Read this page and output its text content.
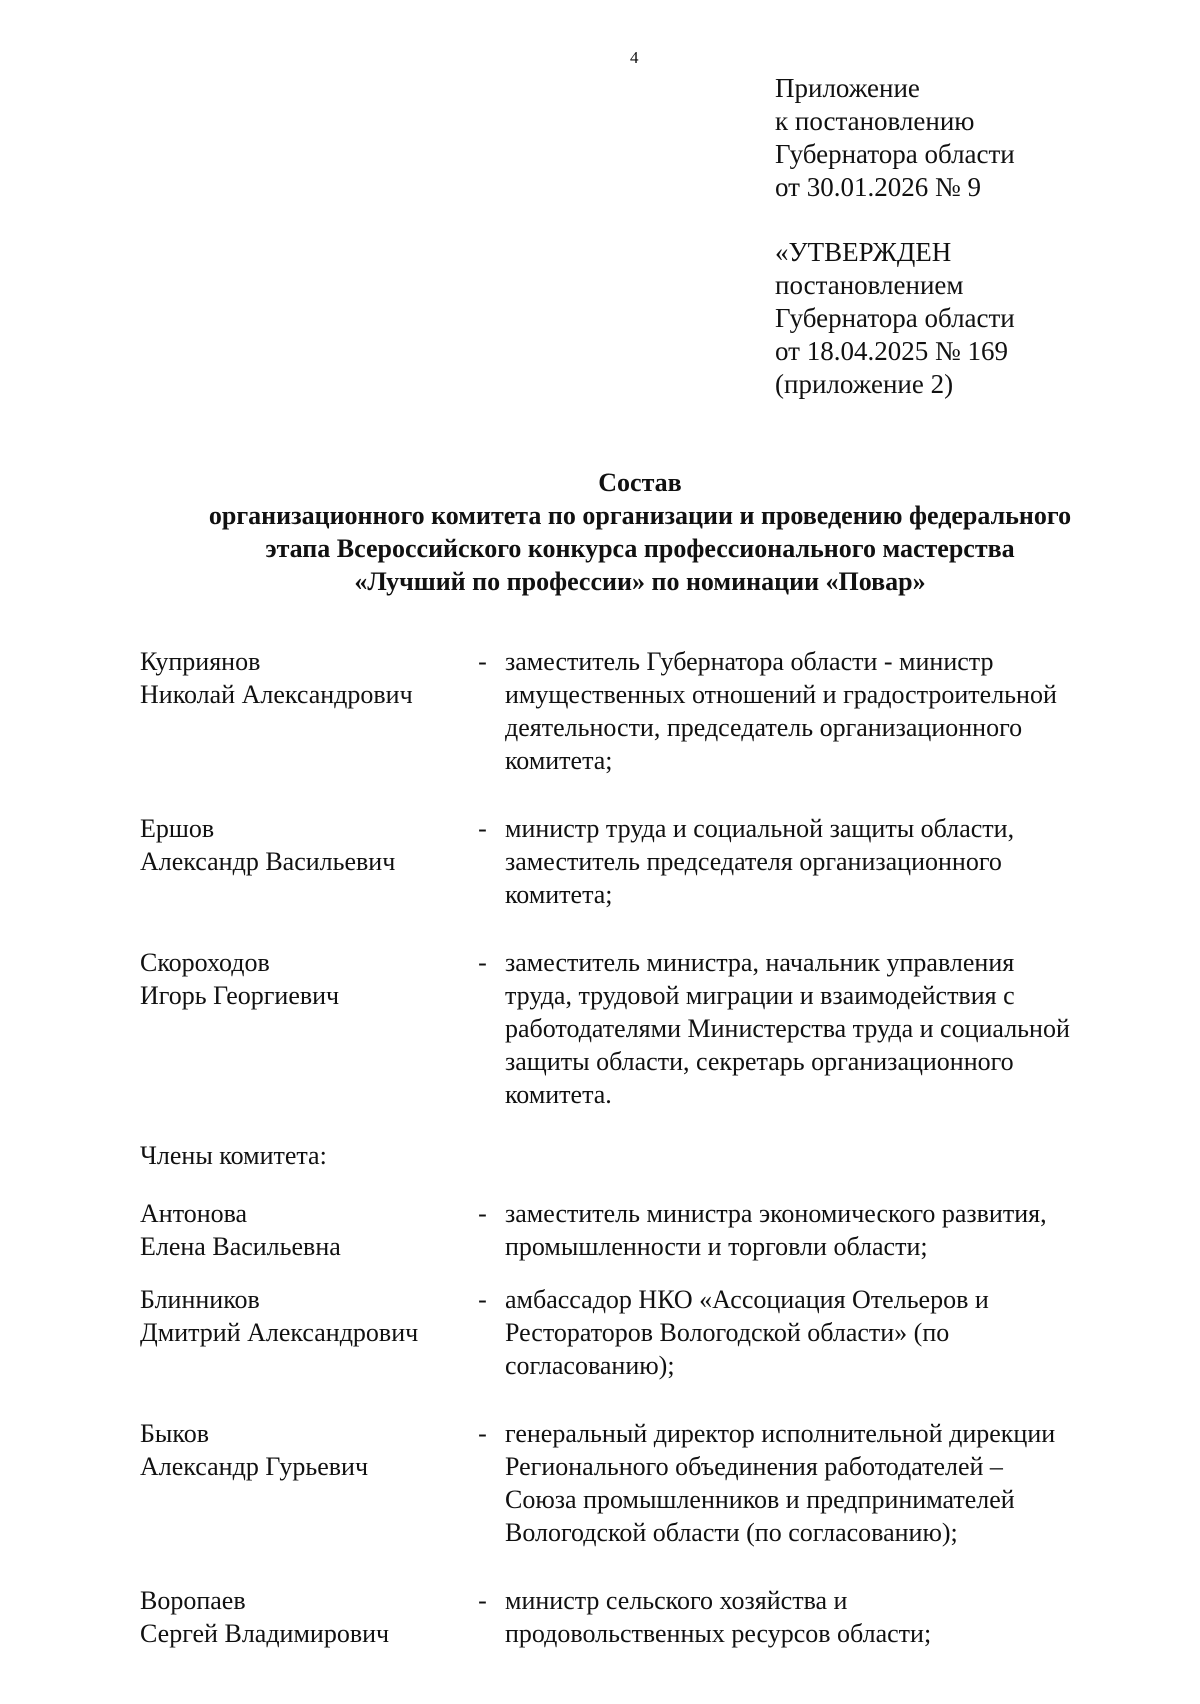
4
Приложение
к постановлению
Губернатора области
от 30.01.2026 № 9
«УТВЕРЖДЕН
постановлением
Губернатора области
от 18.04.2025 № 169
(приложение 2)
Состав
организационного комитета по организации и проведению федерального
этапа Всероссийского конкурса профессионального мастерства
«Лучший по профессии» по номинации «Повар»
Куприянов
Николай Александрович
- заместитель Губернатора области - министр
имущественных отношений и градостроительной
деятельности, председатель организационного
комитета;
Ершов
Александр Васильевич
- министр труда и социальной защиты области,
заместитель председателя организационного
комитета;
Скороходов
Игорь Георгиевич
- заместитель министра, начальник управления
труда, трудовой миграции и взаимодействия с
работодателями Министерства труда и социальной
защиты области, секретарь организационного
комитета.
Члены комитета:
Антонова
Елена Васильевна
- заместитель министра экономического развития,
промышленности и торговли области;
Блинников
Дмитрий Александрович
- амбассадор НКО «Ассоциация Отельеров и
Рестораторов Вологодской области» (по
согласованию);
Быков
Александр Гурьевич
- генеральный директор исполнительной дирекции
Регионального объединения работодателей –
Союза промышленников и предпринимателей
Вологодской области (по согласованию);
Воропаев
Сергей Владимирович
- министр сельского хозяйства и
продовольственных ресурсов области;
